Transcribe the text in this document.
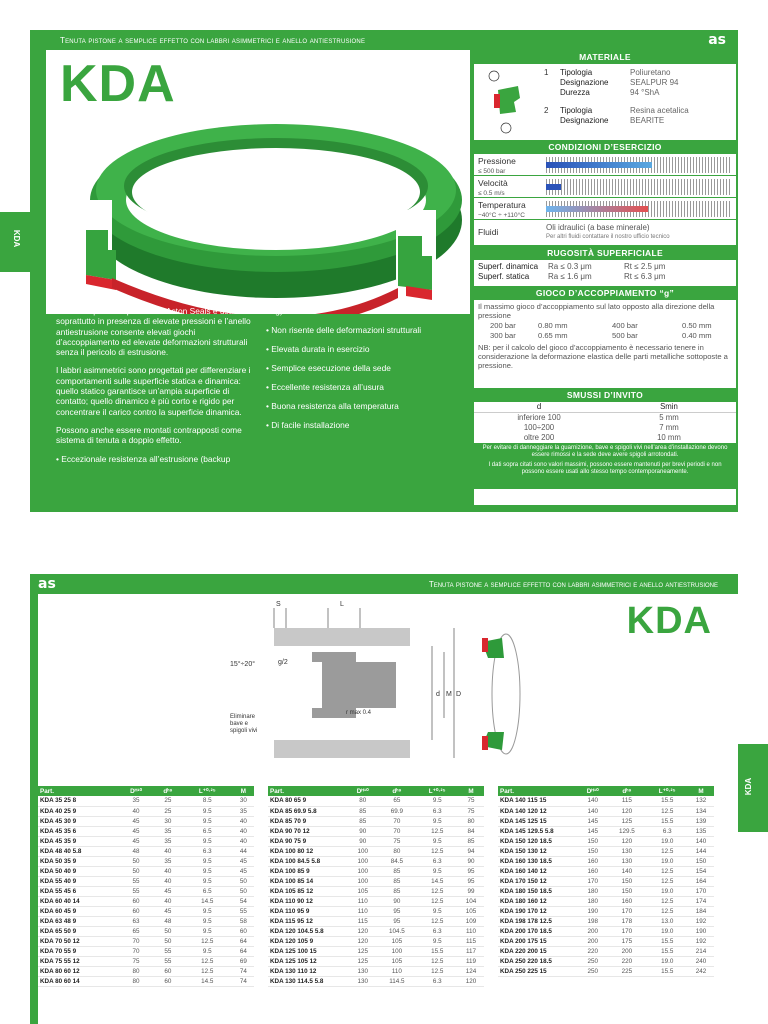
Tenuta pistone a semplice effetto con labbri asimmetrici e anello antiestrusione	as
KDA

La tenuta pistone tipo KDA di Aston Seals è usata soprattutto in presenza di elevate pressioni e l’anello antiestrusione consente elevati giochi d’accoppiamento ed elevate deformazioni strutturali senza il pericolo di estrusione.

I labbri asimmetrici sono progettati per differenziare i comportamenti sulle superficie statica e dinamica: quello statico garantisce un’ampia superficie di contatto; quello dinamico è più corto e rigido per concentrare il carico contro la superficie dinamica.

Possono anche essere montati contrapposti come sistema di tenuta a doppio effetto.

• Eccezionale resistenza all’estrusione (backup
ring)
• Non risente delle deformazioni strutturali
• Elevata durata in esercizio
• Semplice esecuzione della sede
• Eccellente resistenza all’usura
• Buona resistenza alla temperatura
• Di facile installazione
MATERIALE
1	Tipologia	Poliuretano
Designazione	SEALPUR 94
Durezza	94 °ShA
2	Tipologia	Resina acetalica
Designazione	BEARITE
CONDIZIONI D’ESERCIZIO
Pressione
≤ 500 bar
Velocità
≤ 0.5 m/s
Temperatura
−40°C ÷ +110°C
Fluidi	Oli idraulici (a base minerale)
Per altri fluidi contattare il nostro ufficio tecnico
RUGOSITÀ SUPERFICIALE
Superf. dinamica	Ra ≤ 0.3 μm	Rt ≤ 2.5 μm
Superf. statica	Ra ≤ 1.6 μm	Rt ≤ 6.3 μm
GIOCO D’ACCOPPIAMENTO “g”
Il massimo gioco d’accoppiamento sul lato opposto alla direzione della pressione
200 bar	0.80 mm	400 bar	0.50 mm
300 bar	0.65 mm	500 bar	0.40 mm
NB: per il calcolo del gioco d’accoppiamento è necessario tenere in considerazione la deformazione elastica delle parti metalliche sottoposte a pressione.
SMUSSI D’INVITO
d	Smin
inferiore 100	5 mm
100÷200	7 mm
oltre 200	10 mm
Per evitare di danneggiare la guarnizione, bave e spigoli vivi nell’area d’installazione devono essere rimossi e la sede deve avere spigoli arrotondati.
I dati sopra citati sono valori massimi, possono essere mantenuti per brevi periodi e non possono essere usati allo stesso tempo contemporaneamente.
KDA
as	Tenuta pistone a semplice effetto con labbri asimmetrici e anello antiestrusione
KDA
S	L
15°÷20°	g/2
r max 0.4
d M D
Eliminare bave e spigoli vivi
Part.	Dᴴ¹⁰	dʰ⁹	L⁺⁰·²⁵	M
KDA 35 25 8	35	25	8.5	30
KDA 40 25 9	40	25	9.5	35
KDA 45 30 9	45	30	9.5	40
KDA 45 35 6	45	35	6.5	40
KDA 45 35 9	45	35	9.5	40
KDA 48 40 5.8	48	40	6.3	44
KDA 50 35 9	50	35	9.5	45
KDA 50 40 9	50	40	9.5	45
KDA 55 40 9	55	40	9.5	50
KDA 55 45 6	55	45	6.5	50
KDA 60 40 14	60	40	14.5	54
KDA 60 45 9	60	45	9.5	55
KDA 63 48 9	63	48	9.5	58
KDA 65 50 9	65	50	9.5	60
KDA 70 50 12	70	50	12.5	64
KDA 70 55 9	70	55	9.5	64
KDA 75 55 12	75	55	12.5	69
KDA 80 60 12	80	60	12.5	74
KDA 80 60 14	80	60	14.5	74
Part.	Dᴴ¹⁰	dʰ⁹	L⁺⁰·²⁵	M
KDA 80 65 9	80	65	9.5	75
KDA 85 69.9 5.8	85	69.9	6.3	75
KDA 85 70 9	85	70	9.5	80
KDA 90 70 12	90	70	12.5	84
KDA 90 75 9	90	75	9.5	85
KDA 100 80 12	100	80	12.5	94
KDA 100 84.5 5.8	100	84.5	6.3	90
KDA 100 85 9	100	85	9.5	95
KDA 100 85 14	100	85	14.5	95
KDA 105 85 12	105	85	12.5	99
KDA 110 90 12	110	90	12.5	104
KDA 110 95 9	110	95	9.5	105
KDA 115 95 12	115	95	12.5	109
KDA 120 104.5 5.8	120	104.5	6.3	110
KDA 120 105 9	120	105	9.5	115
KDA 125 100 15	125	100	15.5	117
KDA 125 105 12	125	105	12.5	119
KDA 130 110 12	130	110	12.5	124
KDA 130 114.5 5.8	130	114.5	6.3	120
Part.	Dᴴ¹⁰	dʰ⁹	L⁺⁰·²⁵	M
KDA 140 115 15	140	115	15.5	132
KDA 140 120 12	140	120	12.5	134
KDA 145 125 15	145	125	15.5	139
KDA 145 129.5 5.8	145	129.5	6.3	135
KDA 150 120 18.5	150	120	19.0	140
KDA 150 130 12	150	130	12.5	144
KDA 160 130 18.5	160	130	19.0	150
KDA 160 140 12	160	140	12.5	154
KDA 170 150 12	170	150	12.5	164
KDA 180 150 18.5	180	150	19.0	170
KDA 180 160 12	180	160	12.5	174
KDA 190 170 12	190	170	12.5	184
KDA 198 178 12.5	198	178	13.0	192
KDA 200 170 18.5	200	170	19.0	190
KDA 200 175 15	200	175	15.5	192
KDA 220 200 15	220	200	15.5	214
KDA 250 220 18.5	250	220	19.0	240
KDA 250 225 15	250	225	15.5	242
KDA
